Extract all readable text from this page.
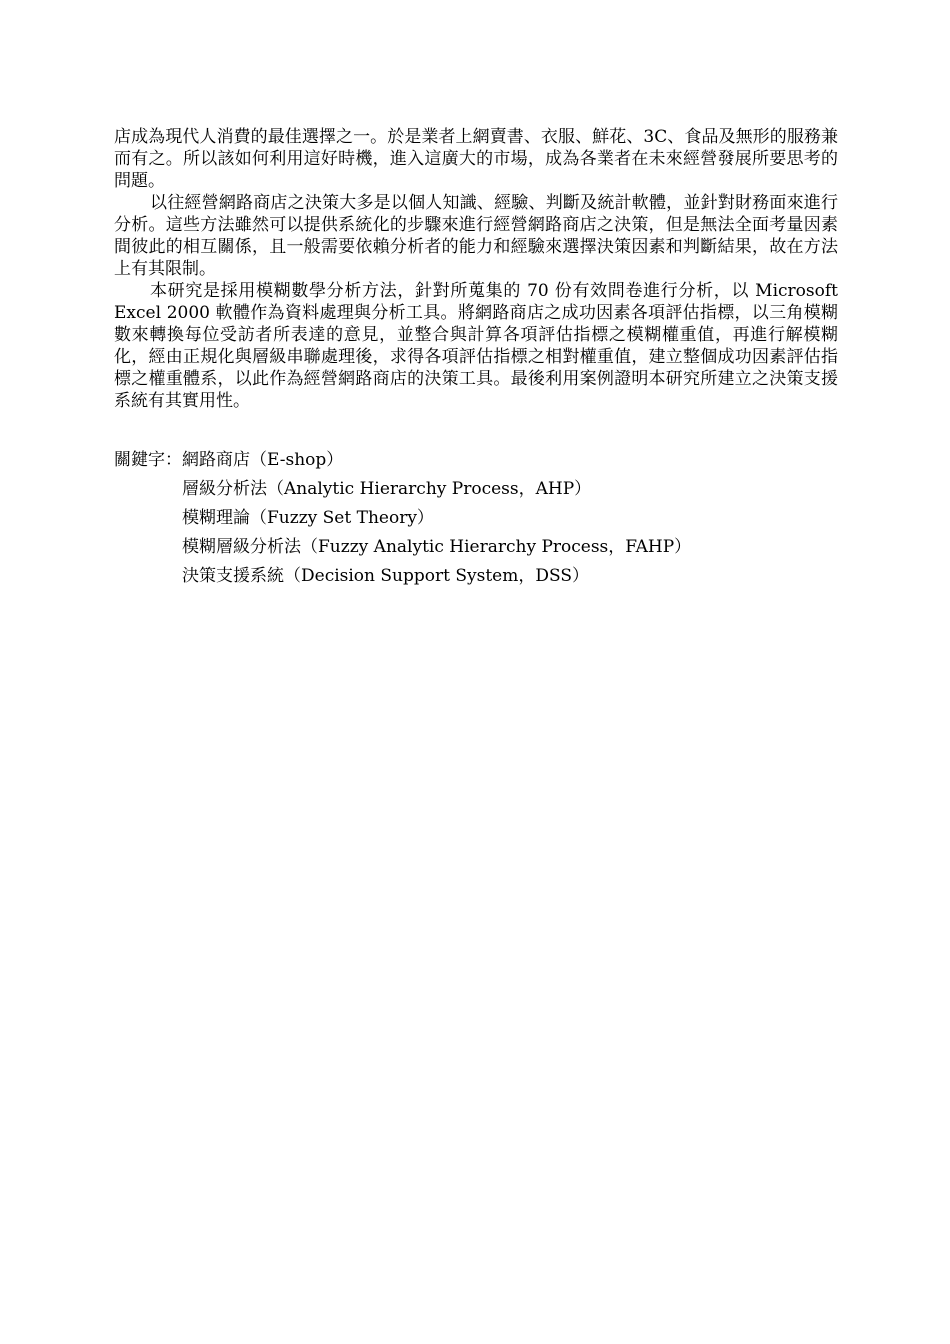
店成為現代人消費的最佳選擇之一。於是業者上網賣書、衣服、鮮花、3C、食品及無形的服務兼而有之。所以該如何利用這好時機，進入這廣大的市場，成為各業者在未來經營發展所要思考的問題。

以往經營網路商店之決策大多是以個人知識、經驗、判斷及統計軟體，並針對財務面來進行分析。這些方法雖然可以提供系統化的步驟來進行經營網路商店之決策，但是無法全面考量因素間彼此的相互關係，且一般需要依賴分析者的能力和經驗來選擇決策因素和判斷結果，故在方法上有其限制。

本研究是採用模糊數學分析方法，針對所蒐集的 70 份有效問卷進行分析，以 Microsoft Excel 2000 軟體作為資料處理與分析工具。將網路商店之成功因素各項評估指標，以三角模糊數來轉換每位受訪者所表達的意見，並整合與計算各項評估指標之模糊權重值，再進行解模糊化，經由正規化與層級串聯處理後，求得各項評估指標之相對權重值，建立整個成功因素評估指標之權重體系，以此作為經營網路商店的決策工具。最後利用案例證明本研究所建立之決策支援系統有其實用性。

關鍵字：網路商店（E-shop）
層級分析法（Analytic Hierarchy Process，AHP）
模糊理論（Fuzzy Set Theory）
模糊層級分析法（Fuzzy Analytic Hierarchy Process，FAHP）
決策支援系統（Decision Support System，DSS）
